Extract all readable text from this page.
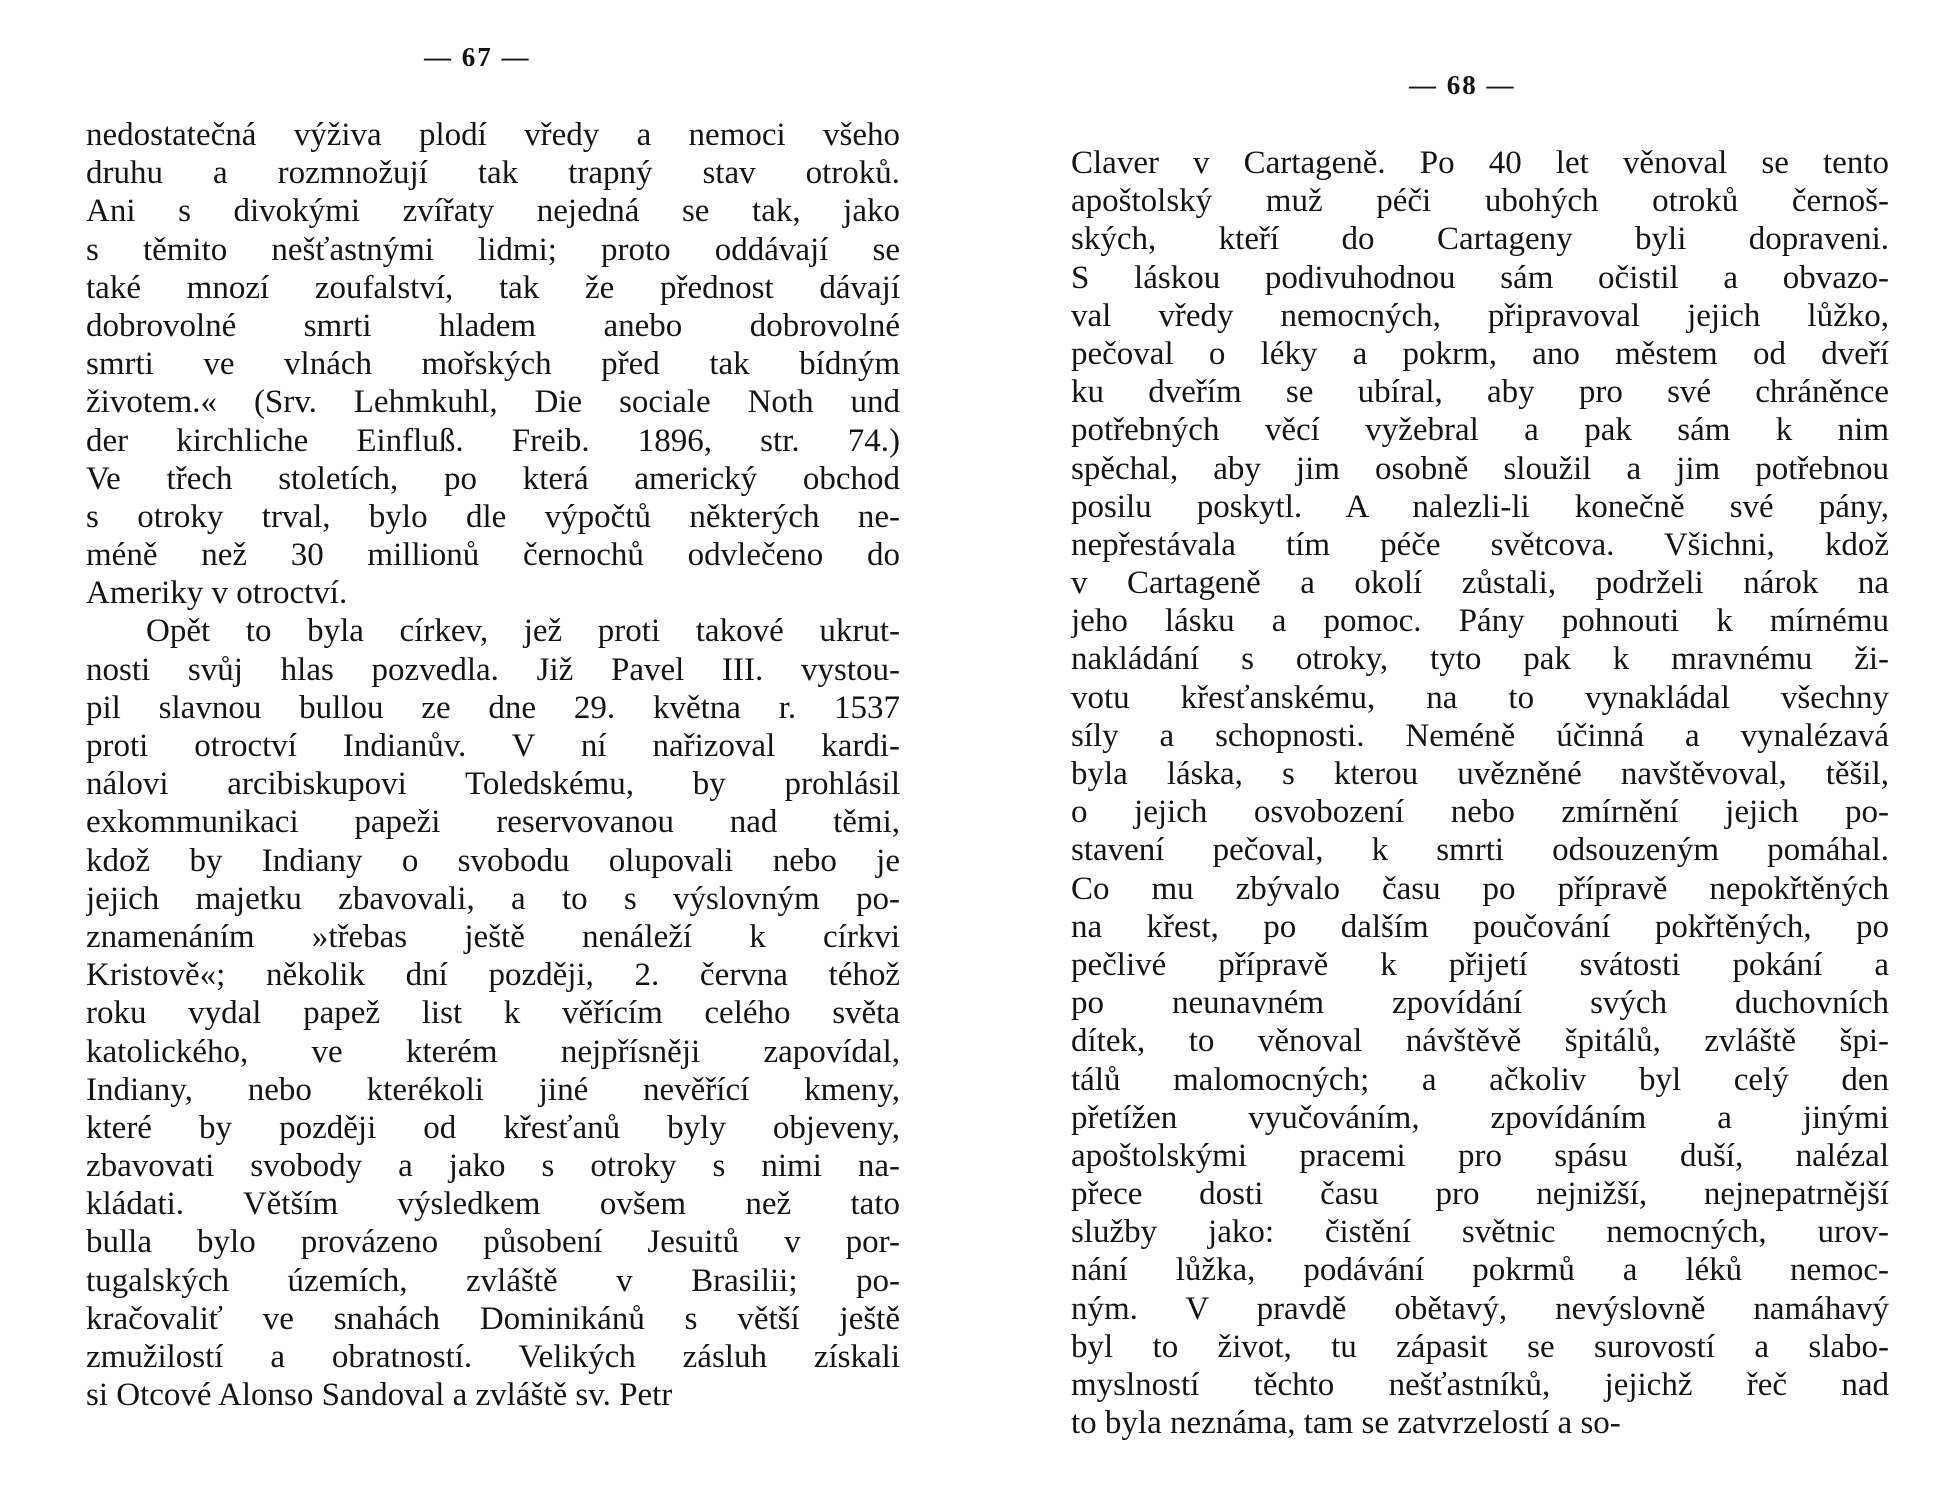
— 67 —
nedostatečná výživa plodí vředy a nemoci všeho
druhu a rozmnožují tak trapný stav otroků.
Ani s divokými zvířaty nejedná se tak, jako
s těmito nešťastnými lidmi; proto oddávají se
také mnozí zoufalství, tak že přednost dávají
dobrovolné smrti hladem anebo dobrovolné
smrti ve vlnách mořských před tak bídným
životem.« (Srv. Lehmkuhl, Die sociale Noth und
der kirchliche Einfluß. Freib. 1896, str. 74.)
Ve třech stoletích, po která americký obchod
s otroky trval, bylo dle výpočtů některých ne-
méně než 30 millionů černochů odvlečeno do
Ameriky v otroctví.
Opět to byla církev, jež proti takové ukrut-
nosti svůj hlas pozvedla. Již Pavel III. vystou-
pil slavnou bullou ze dne 29. května r. 1537
proti otroctví Indianův. V ní nařizoval kardi-
nálovi arcibiskupovi Toledskému, by prohlásil
exkommunikaci papeži reservovanou nad těmi,
kdož by Indiany o svobodu olupovali nebo je
jejich majetku zbavovali, a to s výslovným po-
znamenáním »třebas ještě nenáleží k církvi
Kristově«; několik dní později, 2. června téhož
roku vydal papež list k věřícím celého světa
katolického, ve kterém nejpřísněji zapovídal,
Indiany, nebo kterékoli jiné nevěřící kmeny,
které by později od křesťanů byly objeveny,
zbavovati svobody a jako s otroky s nimi na-
kládati. Větším výsledkem ovšem než tato
bulla bylo provázeno působení Jesuitů v por-
tugalských územích, zvláště v Brasilii; po-
kračovaliť ve snahách Dominikánů s větší ještě
zmužilostí a obratností. Velikých zásluh získali
si Otcové Alonso Sandoval a zvláště sv. Petr
— 68 —
Claver v Cartageně. Po 40 let věnoval se tento
apoštolský muž péči ubohých otroků černoš-
ských, kteří do Cartageny byli dopraveni.
S láskou podivuhodnou sám očistil a obvazo-
val vředy nemocných, připravoval jejich lůžko,
pečoval o léky a pokrm, ano městem od dveří
ku dveřím se ubíral, aby pro své chráněnce
potřebných věcí vyžebral a pak sám k nim
spěchal, aby jim osobně sloužil a jim potřebnou
posilu poskytl. A nalezli-li konečně své pány,
nepřestávala tím péče světcova. Všichni, kdož
v Cartageně a okolí zůstali, podrželi nárok na
jeho lásku a pomoc. Pány pohnouti k mírnému
nakládání s otroky, tyto pak k mravnému ži-
votu křesťanskému, na to vynakládal všechny
síly a schopnosti. Neméně účinná a vynalézavá
byla láska, s kterou uvězněné navštěvoval, těšil,
o jejich osvobození nebo zmírnění jejich po-
stavení pečoval, k smrti odsouzeným pomáhal.
Co mu zbývalo času po přípravě nepokřtěných
na křest, po dalším poučování pokřtěných, po
pečlivé přípravě k přijetí svátosti pokání a
po neunavném zpovídání svých duchovních
dítek, to věnoval návštěvě špitálů, zvláště špi-
tálů malomocných; a ačkoliv byl celý den
přetížen vyučováním, zpovídáním a jinými
apoštolskými pracemi pro spásu duší, nalézal
přece dosti času pro nejnižší, nejnepatrnější
služby jako: čistění světnic nemocných, urov-
nání lůžka, podávání pokrmů a léků nemoc-
ným. V pravdě obětavý, nevýslovně namáhavý
byl to život, tu zápasit se surovostí a slabo-
myslností těchto nešťastníků, jejichž řeč nad
to byla neznáma, tam se zatvrzelostí a so-
